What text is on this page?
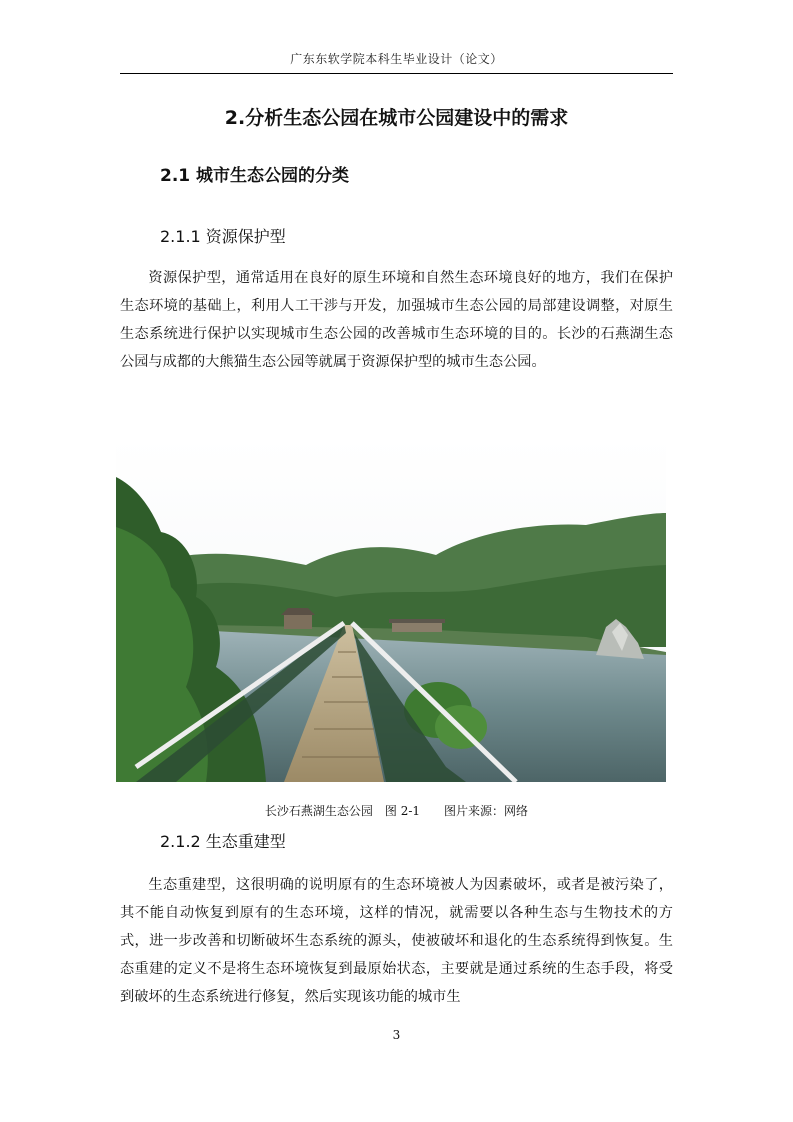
广东东软学院本科生毕业设计（论文）
2.分析生态公园在城市公园建设中的需求
2.1 城市生态公园的分类
2.1.1 资源保护型
资源保护型，通常适用在良好的原生环境和自然生态环境良好的地方，我们在保护生态环境的基础上，利用人工干涉与开发，加强城市生态公园的局部建设调整，对原生生态系统进行保护以实现城市生态公园的改善城市生态环境的目的。长沙的石燕湖生态公园与成都的大熊猫生态公园等就属于资源保护型的城市生态公园。
长沙石燕湖生态公园　图 2-1　　图片来源：网络
2.1.2 生态重建型
生态重建型，这很明确的说明原有的生态环境被人为因素破坏，或者是被污染了，其不能自动恢复到原有的生态环境，这样的情况，就需要以各种生态与生物技术的方式，进一步改善和切断破坏生态系统的源头，使被破坏和退化的生态系统得到恢复。生态重建的定义不是将生态环境恢复到最原始状态，主要就是通过系统的生态手段，将受到破坏的生态系统进行修复，然后实现该功能的城市生
3
